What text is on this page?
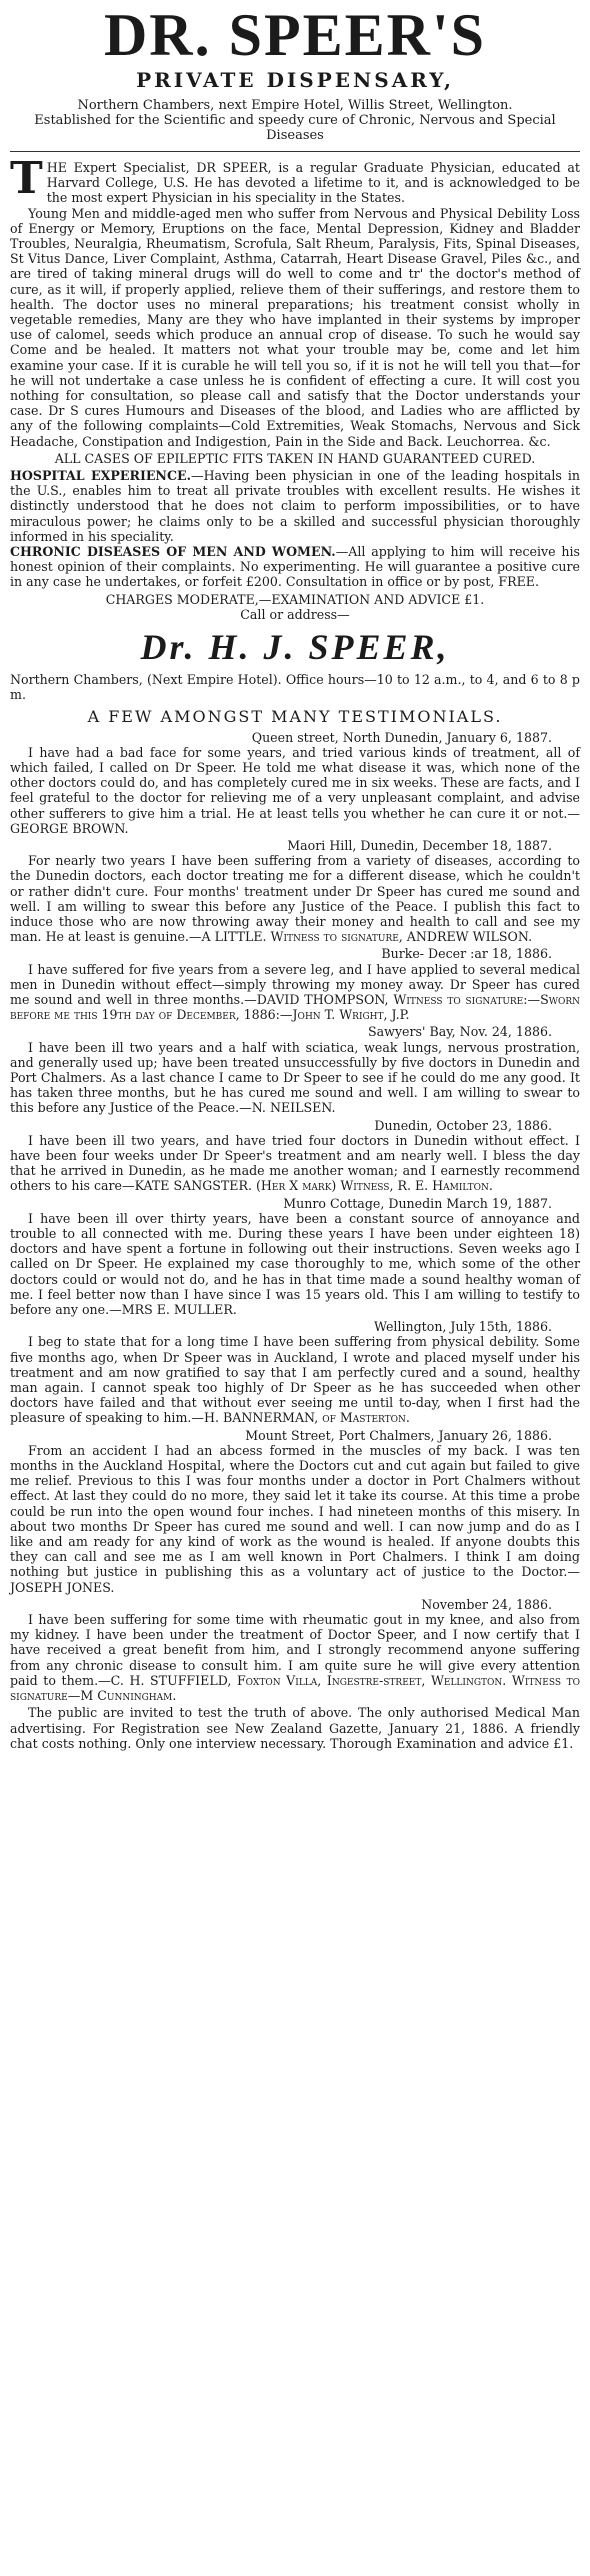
DR. SPEER'S
PRIVATE DISPENSARY,
Northern Chambers, next Empire Hotel, Willis Street, Wellington.
Established for the Scientific and speedy cure of Chronic, Nervous and Special Diseases

THE Expert Specialist, DR SPEER, is a regular Graduate Physician, educated at Harvard College, U.S. He has devoted a lifetime to it, and is acknowledged to be the most expert Physician in his speciality in the States.

Young Men and middle-aged men who suffer from Nervous and Physical Debility Loss of Energy or Memory, Eruptions on the face, Mental Depression, Kidney and Bladder Troubles, Neuralgia, Rheumatism, Scrofula, Salt Rheum, Paralysis, Fits, Spinal Diseases, St Vitus Dance, Liver Complaint, Asthma, Catarrah, Heart Disease Gravel, Piles &c., and are tired of taking mineral drugs will do well to come and tr' the doctor's method of cure, as it will, if properly applied, relieve them of their sufferings, and restore them to health. The doctor uses no mineral preparations; his treatment consist wholly in vegetable remedies, Many are they who have implanted in their systems by improper use of calomel, seeds which produce an annual crop of disease. To such he would say Come and be healed. It matters not what your trouble may be, come and let him examine your case. If it is curable he will tell you so, if it is not he will tell you that—for he will not undertake a case unless he is confident of effecting a cure. It will cost you nothing for consultation, so please call and satisfy that the Doctor understands your case. Dr S cures Humours and Diseases of the blood, and Ladies who are afflicted by any of the following complaints—Cold Extremities, Weak Stomachs, Nervous and Sick Headache, Constipation and Indigestion, Pain in the Side and Back. Leuchorrea. &c.

ALL CASES OF EPILEPTIC FITS TAKEN IN HAND GUARANTEED CURED.

HOSPITAL EXPERIENCE.—Having been physician in one of the leading hospitals in the U.S., enables him to treat all private troubles with excellent results. He wishes it distinctly understood that he does not claim to perform impossibilities, or to have miraculous power; he claims only to be a skilled and successful physician thoroughly informed in his speciality.

CHRONIC DISEASES OF MEN AND WOMEN.—All applying to him will receive his honest opinion of their complaints. No experimenting. He will guarantee a positive cure in any case he undertakes, or forfeit £200. Consultation in office or by post, FREE.

CHARGES MODERATE,—EXAMINATION AND ADVICE £1.

Call or address—

Dr. H. J. SPEER,

Northern Chambers, (Next Empire Hotel). Office hours—10 to 12 a.m., to 4, and 6 to 8 p m.

A FEW AMONGST MANY TESTIMONIALS.

Queen street, North Dunedin, January 6, 1887.

I have had a bad face for some years, and tried various kinds of treatment, all of which failed, I called on Dr Speer. He told me what disease it was, which none of the other doctors could do, and has completely cured me in six weeks. These are facts, and I feel grateful to the doctor for relieving me of a very unpleasant complaint, and advise other sufferers to give him a trial. He at least tells you whether he can cure it or not.—GEORGE BROWN.

Maori Hill, Dunedin, December 18, 1887.

For nearly two years I have been suffering from a variety of diseases, according to the Dunedin doctors, each doctor treating me for a different disease, which he couldn't or rather didn't cure. Four months' treatment under Dr Speer has cured me sound and well. I am willing to swear this before any Justice of the Peace. I publish this fact to induce those who are now throwing away their money and health to call and see my man. He at least is genuine.—A LITTLE. Witness to signature, ANDREW WILSON.

Burke- Decer :ar 18, 1886.

I have suffered for five years from a severe leg, and I have applied to several medical men in Dunedin without effect—simply throwing my money away. Dr Speer has cured me sound and well in three months.—DAVID THOMPSON, Witness to signature:—Sworn before me this 19th day of December, 1886:—John T. Wright, J.P.

Sawyers' Bay, Nov. 24, 1886.

I have been ill two years and a half with sciatica, weak lungs, nervous prostration, and generally used up; have been treated unsuccessfully by five doctors in Dunedin and Port Chalmers. As a last chance I came to Dr Speer to see if he could do me any good. It has taken three months, but he has cured me sound and well. I am willing to swear to this before any Justice of the Peace.—N. NEILSEN.

Dunedin, October 23, 1886.

I have been ill two years, and have tried four doctors in Dunedin without effect. I have been four weeks under Dr Speer's treatment and am nearly well. I bless the day that he arrived in Dunedin, as he made me another woman; and I earnestly recommend others to his care—KATE SANGSTER. (Her X mark) Witness, R. E. Hamilton.

Munro Cottage, Dunedin March 19, 1887.

I have been ill over thirty years, have been a constant source of annoyance and trouble to all connected with me. During these years I have been under eighteen 18) doctors and have spent a fortune in following out their instructions. Seven weeks ago I called on Dr Speer. He explained my case thoroughly to me, which some of the other doctors could or would not do, and he has in that time made a sound healthy woman of me. I feel better now than I have since I was 15 years old. This I am willing to testify to before any one.—MRS E. MULLER.

Wellington, July 15th, 1886.

I beg to state that for a long time I have been suffering from physical debility. Some five months ago, when Dr Speer was in Auckland, I wrote and placed myself under his treatment and am now gratified to say that I am perfectly cured and a sound, healthy man again. I cannot speak too highly of Dr Speer as he has succeeded when other doctors have failed and that without ever seeing me until to-day, when I first had the pleasure of speaking to him.—H. BANNERMAN, of Masterton.

Mount Street, Port Chalmers, January 26, 1886.

From an accident I had an abcess formed in the muscles of my back. I was ten months in the Auckland Hospital, where the Doctors cut and cut again but failed to give me relief. Previous to this I was four months under a doctor in Port Chalmers without effect. At last they could do no more, they said let it take its course. At this time a probe could be run into the open wound four inches. I had nineteen months of this misery. In about two months Dr Speer has cured me sound and well. I can now jump and do as I like and am ready for any kind of work as the wound is healed. If anyone doubts this they can call and see me as I am well known in Port Chalmers. I think I am doing nothing but justice in publishing this as a voluntary act of justice to the Doctor.—JOSEPH JONES.

November 24, 1886.

I have been suffering for some time with rheumatic gout in my knee, and also from my kidney. I have been under the treatment of Doctor Speer, and I now certify that I have received a great benefit from him, and I strongly recommend anyone suffering from any chronic disease to consult him. I am quite sure he will give every attention paid to them.—C. H. STUFFIELD, Foxton Villa, Ingestre-street, Wellington. Witness to signature—M Cunningham.

The public are invited to test the truth of above. The only authorised Medical Man advertising. For Registration see New Zealand Gazette, January 21, 1886. A friendly chat costs nothing. Only one interview necessary. Thorough Examination and advice £1.
